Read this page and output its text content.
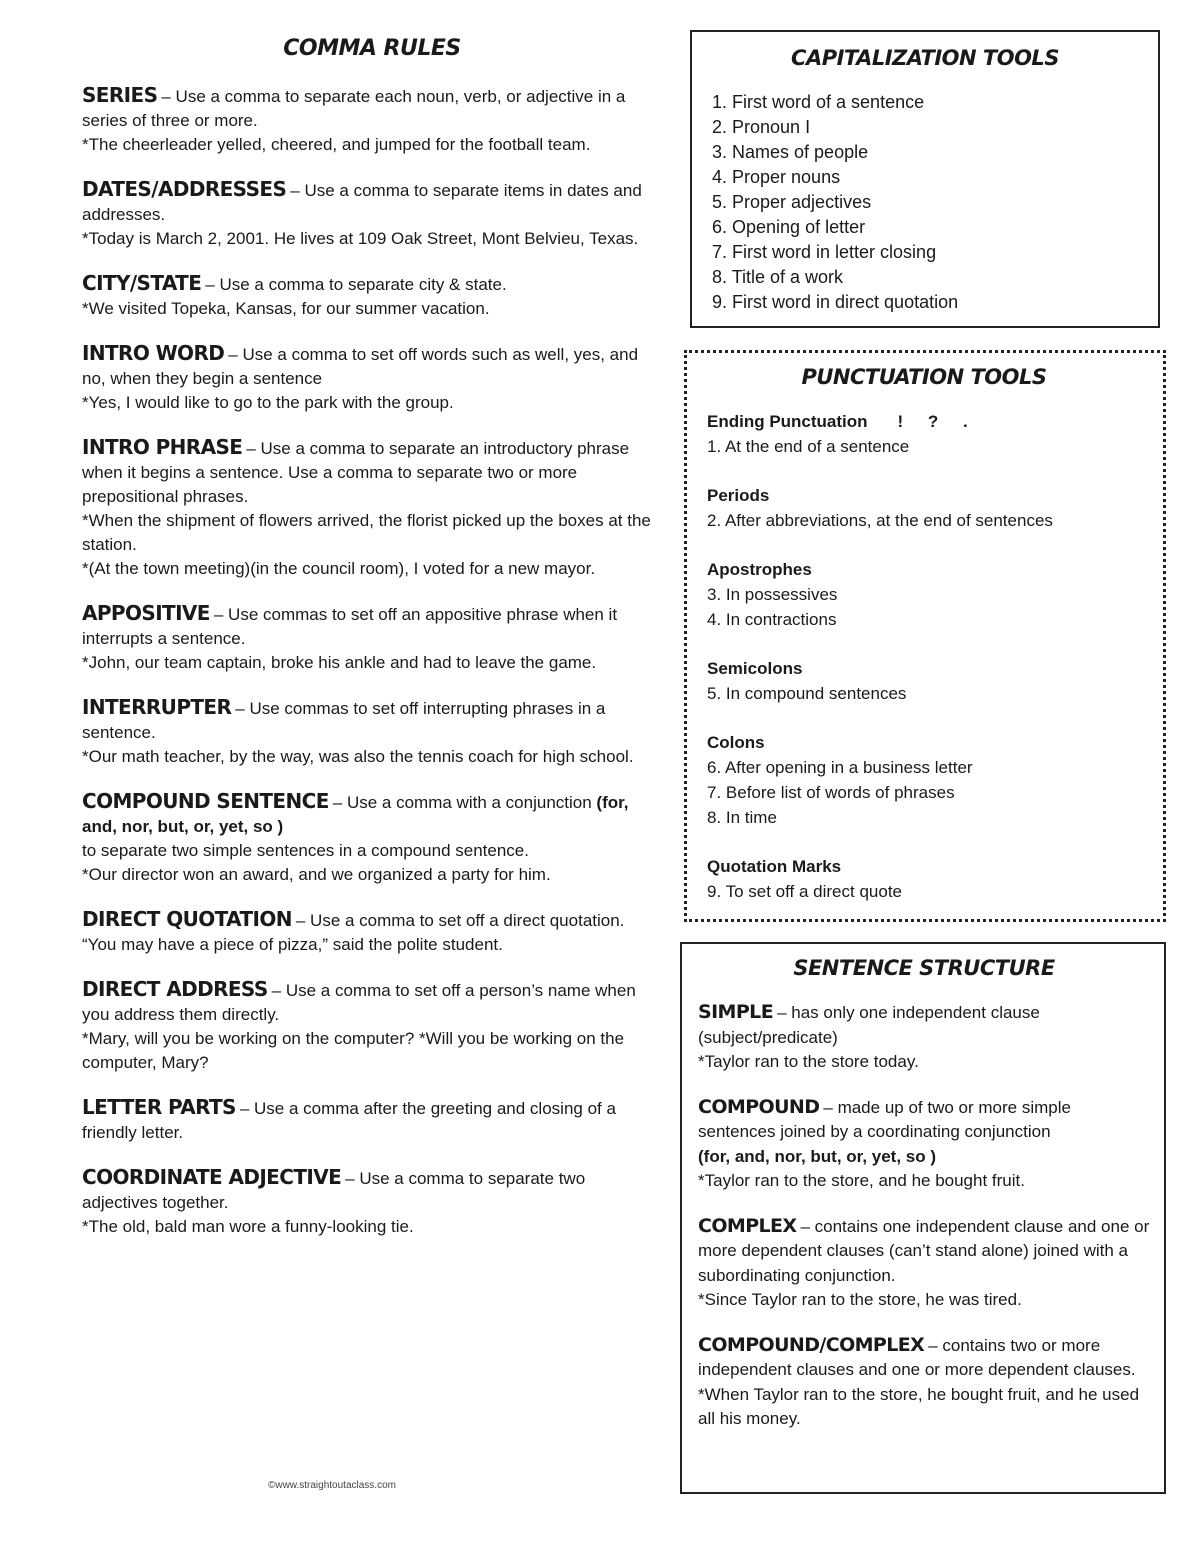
COMMA RULES

SERIES – Use a comma to separate each noun, verb, or adjective in a series of three or more.

*The cheerleader yelled, cheered, and jumped for the football team.

DATES/ADDRESSES – Use a comma to separate items in dates and addresses.

*Today is March 2, 2001. He lives at 109 Oak Street, Mont Belvieu, Texas.

CITY/STATE – Use a comma to separate city & state.

*We visited Topeka, Kansas, for our summer vacation.

INTRO WORD – Use a comma to set off words such as well, yes, and no, when they begin a sentence

*Yes, I would like to go to the park with the group.

INTRO PHRASE – Use a comma to separate an introductory phrase when it begins a sentence. Use a comma to separate two or more prepositional phrases.

*When the shipment of flowers arrived, the florist picked up the boxes at the station.

*(At the town meeting)(in the council room), I voted for a new mayor.

APPOSITIVE – Use commas to set off an appositive phrase when it interrupts a sentence.

*John, our team captain, broke his ankle and had to leave the game.

INTERRUPTER – Use commas to set off interrupting phrases in a sentence.

*Our math teacher, by the way, was also the tennis coach for high school.

COMPOUND SENTENCE – Use a comma with a conjunction (for, and, nor, but, or, yet, so )

to separate two simple sentences in a compound sentence.

*Our director won an award, and we organized a party for him.

DIRECT QUOTATION – Use a comma to set off a direct quotation.

“You may have a piece of pizza,” said the polite student.

DIRECT ADDRESS – Use a comma to set off a person’s name when you address them directly.

*Mary, will you be working on the computer? *Will you be working on the computer, Mary?

LETTER PARTS – Use a comma after the greeting and closing of a friendly letter.

COORDINATE ADJECTIVE – Use a comma to separate two adjectives together.

*The old, bald man wore a funny-looking tie.

©www.straightoutaclass.com
CAPITALIZATION TOOLS
1. First word of a sentence
2. Pronoun I
3. Names of people
4. Proper nouns
5. Proper adjectives
6. Opening of letter
7. First word in letter closing
8. Title of a work
9. First word in direct quotation
PUNCTUATION TOOLS
Ending Punctuation ! ? .

1. At the end of a sentence

Periods

2. After abbreviations, at the end of sentences

Apostrophes

3. In possessives

4. In contractions

Semicolons

5. In compound sentences

Colons

6. After opening in a business letter

7. Before list of words of phrases

8. In time

Quotation Marks

9. To set off a direct quote

SENTENCE STRUCTURE

SIMPLE – has only one independent clause (subject/predicate)

*Taylor ran to the store today.

COMPOUND – made up of two or more simple sentences joined by a coordinating conjunction

(for, and, nor, but, or, yet, so )

*Taylor ran to the store, and he bought fruit.

COMPLEX – contains one independent clause and one or more dependent clauses (can’t stand alone) joined with a subordinating conjunction.

*Since Taylor ran to the store, he was tired.

COMPOUND/COMPLEX – contains two or more independent clauses and one or more dependent clauses.

*When Taylor ran to the store, he bought fruit, and he used all his money.
